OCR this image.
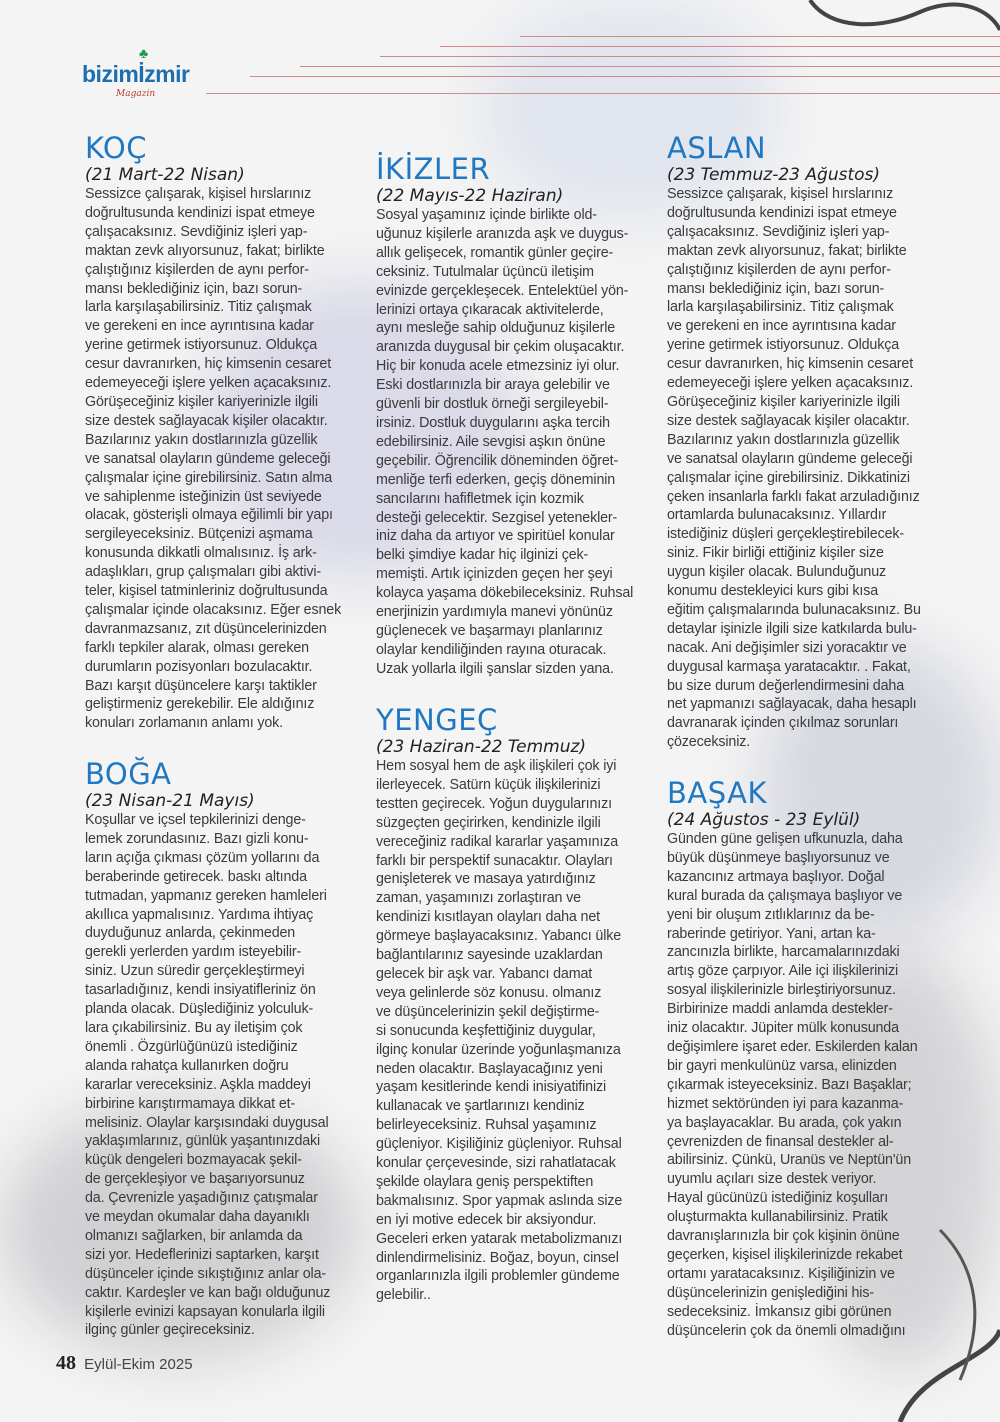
♣
bizimİzmir
Magazin
KOÇ
(21 Mart-22 Nisan)
Sessizce çalışarak, kişisel hırslarınız
doğrultusunda kendinizi ispat etmeye
çalışacaksınız. Sevdiğiniz işleri yap-
maktan zevk alıyorsunuz, fakat; birlikte
çalıştığınız kişilerden de aynı perfor-
mansı beklediğiniz için, bazı sorun-
larla karşılaşabilirsiniz. Titiz çalışmak
ve gerekeni en ince ayrıntısına kadar
yerine getirmek istiyorsunuz. Oldukça
cesur davranırken, hiç kimsenin cesaret
edemeyeceği işlere yelken açacaksınız.
Görüşeceğiniz kişiler kariyerinizle ilgili
size destek sağlayacak kişiler olacaktır.
Bazılarınız yakın dostlarınızla güzellik
ve sanatsal olayların gündeme geleceği
çalışmalar içine girebilirsiniz. Satın alma
ve sahiplenme isteğinizin üst seviyede
olacak, gösterişli olmaya eğilimli bir yapı
sergileyeceksiniz. Bütçenizi aşmama
konusunda dikkatli olmalısınız. İş ark-
adaşlıkları, grup çalışmaları gibi aktivi-
teler, kişisel tatminleriniz doğrultusunda
çalışmalar içinde olacaksınız. Eğer esnek
davranmazsanız, zıt düşüncelerinizden
farklı tepkiler alarak, olması gereken
durumların pozisyonları bozulacaktır.
Bazı karşıt düşüncelere karşı taktikler
geliştirmeniz gerekebilir. Ele aldığınız
konuları zorlamanın anlamı yok.
BOĞA
(23 Nisan-21 Mayıs)
Koşullar ve içsel tepkilerinizi denge-
lemek zorundasınız. Bazı gizli konu-
ların açığa çıkması çözüm yollarını da
beraberinde getirecek. baskı altında
tutmadan, yapmanız gereken hamleleri
akıllıca yapmalısınız. Yardıma ihtiyaç
duyduğunuz anlarda, çekinmeden
gerekli yerlerden yardım isteyebilir-
siniz. Uzun süredir gerçekleştirmeyi
tasarladığınız, kendi insiyatifleriniz ön
planda olacak. Düşlediğiniz yolculuk-
lara çıkabilirsiniz. Bu ay iletişim çok
önemli . Özgürlüğünüzü istediğiniz
alanda rahatça kullanırken doğru
kararlar vereceksiniz. Aşkla maddeyi
birbirine karıştırmamaya dikkat et-
melisiniz. Olaylar karşısındaki duygusal
yaklaşımlarınız, günlük yaşantınızdaki
küçük dengeleri bozmayacak şekil-
de gerçekleşiyor ve başarıyorsunuz
da. Çevrenizle yaşadığınız çatışmalar
ve meydan okumalar daha dayanıklı
olmanızı sağlarken, bir anlamda da
sizi yor. Hedeflerinizi saptarken, karşıt
düşünceler içinde sıkıştığınız anlar ola-
caktır. Kardeşler ve kan bağı olduğunuz
kişilerle evinizi kapsayan konularla ilgili
ilginç günler geçireceksiniz.
İKİZLER
(22 Mayıs-22 Haziran)
Sosyal yaşamınız içinde birlikte old-
uğunuz kişilerle aranızda aşk ve duygus-
allık gelişecek, romantik günler geçire-
ceksiniz. Tutulmalar üçüncü iletişim
evinizde gerçekleşecek. Entelektüel yön-
lerinizi ortaya çıkaracak aktivitelerde,
aynı mesleğe sahip olduğunuz kişilerle
aranızda duygusal bir çekim oluşacaktır.
Hiç bir konuda acele etmezsiniz iyi olur.
Eski dostlarınızla bir araya gelebilir ve
güvenli bir dostluk örneği sergileyebil-
irsiniz. Dostluk duygularını aşka tercih
edebilirsiniz. Aile sevgisi aşkın önüne
geçebilir. Öğrencilik döneminden öğret-
menliğe terfi ederken, geçiş döneminin
sancılarını hafifletmek için kozmik
desteği gelecektir. Sezgisel yetenekler-
iniz daha da artıyor ve spiritüel konular
belki şimdiye kadar hiç ilginizi çek-
memişti. Artık içinizden geçen her şeyi
kolayca yaşama dökebileceksiniz. Ruhsal
enerjinizin yardımıyla manevi yönünüz
güçlenecek ve başarmayı planlarınız
olaylar kendiliğinden rayına oturacak.
Uzak yollarla ilgili şanslar sizden yana.
YENGEÇ
(23 Haziran-22 Temmuz)
Hem sosyal hem de aşk ilişkileri çok iyi
ilerleyecek. Satürn küçük ilişkilerinizi
testten geçirecek. Yoğun duygularınızı
süzgeçten geçirirken, kendinizle ilgili
vereceğiniz radikal kararlar yaşamınıza
farklı bir perspektif sunacaktır. Olayları
genişleterek ve masaya yatırdığınız
zaman, yaşamınızı zorlaştıran ve
kendinizi kısıtlayan olayları daha net
görmeye başlayacaksınız. Yabancı ülke
bağlantılarınız sayesinde uzaklardan
gelecek bir aşk var. Yabancı damat
veya gelinlerde söz konusu. olmanız
ve düşüncelerinizin şekil değiştirme-
si sonucunda keşfettiğiniz duygular,
ilginç konular üzerinde yoğunlaşmanıza
neden olacaktır. Başlayacağınız yeni
yaşam kesitlerinde kendi inisiyatifinizi
kullanacak ve şartlarınızı kendiniz
belirleyeceksiniz. Ruhsal yaşamınız
güçleniyor. Kişiliğiniz güçleniyor. Ruhsal
konular çerçevesinde, sizi rahatlatacak
şekilde olaylara geniş perspektiften
bakmalısınız. Spor yapmak aslında size
en iyi motive edecek bir aksiyondur.
Geceleri erken yatarak metabolizmanızı
dinlendirmelisiniz. Boğaz, boyun, cinsel
organlarınızla ilgili problemler gündeme
gelebilir..
ASLAN
(23 Temmuz-23 Ağustos)
Sessizce çalışarak, kişisel hırslarınız
doğrultusunda kendinizi ispat etmeye
çalışacaksınız. Sevdiğiniz işleri yap-
maktan zevk alıyorsunuz, fakat; birlikte
çalıştığınız kişilerden de aynı perfor-
mansı beklediğiniz için, bazı sorun-
larla karşılaşabilirsiniz. Titiz çalışmak
ve gerekeni en ince ayrıntısına kadar
yerine getirmek istiyorsunuz. Oldukça
cesur davranırken, hiç kimsenin cesaret
edemeyeceği işlere yelken açacaksınız.
Görüşeceğiniz kişiler kariyerinizle ilgili
size destek sağlayacak kişiler olacaktır.
Bazılarınız yakın dostlarınızla güzellik
ve sanatsal olayların gündeme geleceği
çalışmalar içine girebilirsiniz. Dikkatinizi
çeken insanlarla farklı fakat arzuladığınız
ortamlarda bulunacaksınız. Yıllardır
istediğiniz düşleri gerçekleştirebilecek-
siniz. Fikir birliği ettiğiniz kişiler size
uygun kişiler olacak. Bulunduğunuz
konumu destekleyici kurs gibi kısa
eğitim çalışmalarında bulunacaksınız. Bu
detaylar işinizle ilgili size katkılarda bulu-
nacak. Ani değişimler sizi yoracaktır ve
duygusal karmaşa yaratacaktır. . Fakat,
bu size durum değerlendirmesini daha
net yapmanızı sağlayacak, daha hesaplı
davranarak içinden çıkılmaz sorunları
çözeceksiniz.
BAŞAK
(24 Ağustos - 23 Eylül)
Günden güne gelişen ufkunuzla, daha
büyük düşünmeye başlıyorsunuz ve
kazancınız artmaya başlıyor. Doğal
kural burada da çalışmaya başlıyor ve
yeni bir oluşum zıtlıklarınız da be-
raberinde getiriyor. Yani, artan ka-
zancınızla birlikte, harcamalarınızdaki
artış göze çarpıyor. Aile içi ilişkilerinizi
sosyal ilişkilerinizle birleştiriyorsunuz.
Birbirinize maddi anlamda destekler-
iniz olacaktır. Jüpiter mülk konusunda
değişimlere işaret eder. Eskilerden kalan
bir gayri menkulünüz varsa, elinizden
çıkarmak isteyeceksiniz. Bazı Başaklar;
hizmet sektöründen iyi para kazanma-
ya başlayacaklar. Bu arada, çok yakın
çevrenizden de finansal destekler al-
abilirsiniz. Çünkü, Uranüs ve Neptün'ün
uyumlu açıları size destek veriyor.
Hayal gücünüzü istediğiniz koşulları
oluşturmakta kullanabilirsiniz. Pratik
davranışlarınızla bir çok kişinin önüne
geçerken, kişisel ilişkilerinizde rekabet
ortamı yaratacaksınız. Kişiliğinizin ve
düşüncelerinizin genişlediğini his-
sedeceksiniz. İmkansız gibi görünen
düşüncelerin çok da önemli olmadığını
48 Eylül-Ekim 2025
